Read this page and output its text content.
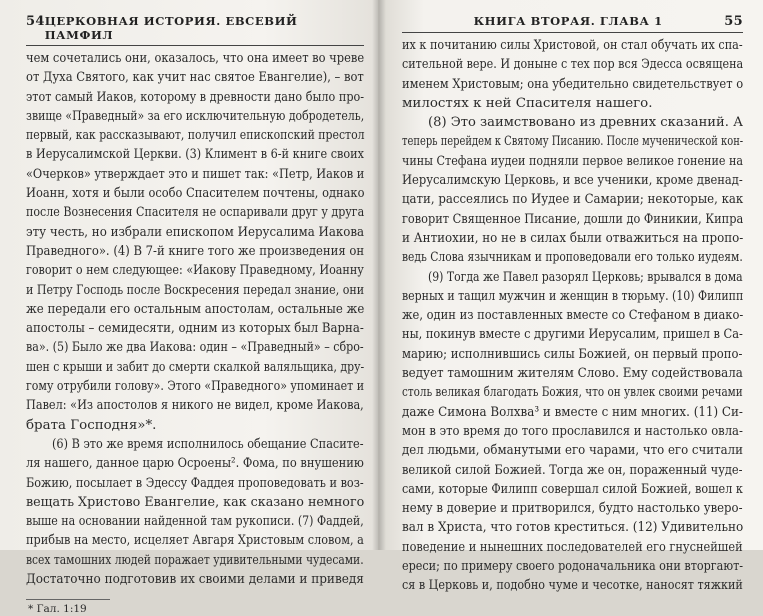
54 ЦЕРКОВНАЯ ИСТОРИЯ. ЕВСЕВИЙ ПАМФИЛ
чем сочетались они, оказалось, что она имеет во чреве
от Духа Святого, как учит нас святое Евангелие), – вот
этот самый Иаков, которому в древности дано было про-
звище «Праведный» за его исключительную добродетель,
первый, как рассказывают, получил епископский престол
в Иерусалимской Церкви. (3) Климент в 6-й книге своих
«Очерков» утверждает это и пишет так: «Петр, Иаков и
Иоанн, хотя и были особо Спасителем почтены, однако
после Вознесения Спасителя не оспаривали друг у друга
эту честь, но избрали епископом Иерусалима Иакова
Праведного». (4) В 7-й книге того же произведения он
говорит о нем следующее: «Иакову Праведному, Иоанну
и Петру Господь после Воскресения передал знание, они
же передали его остальным апостолам, остальные же
апостолы – семидесяти, одним из которых был Варна-
ва». (5) Было же два Иакова: один – «Праведный» – сбро-
шен с крыши и забит до смерти скалкой валяльщика, дру-
гому отрубили голову». Этого «Праведного» упоминает и
Павел: «Из апостолов я никого не видел, кроме Иакова,
брата Господня»*.
(6) В это же время исполнилось обещание Спасите-
ля нашего, данное царю Осроены². Фома, по внушению
Божию, посылает в Эдессу Фаддея проповедовать и воз-
вещать Христово Евангелие, как сказано немного
выше на основании найденной там рукописи. (7) Фаддей,
прибыв на место, исцеляет Авгаря Христовым словом, а
всех тамошних людей поражает удивительными чудесами.
Достаточно подготовив их своими делами и приведя
* Гал. 1:19
КНИГА ВТОРАЯ. ГЛАВА 1	55
их к почитанию силы Христовой, он стал обучать их спа-
сительной вере. И доныне с тех пор вся Эдесса освящена
именем Христовым; она убедительно свидетельствует о
милостях к ней Спасителя нашего.
(8) Это заимствовано из древних сказаний. А
теперь перейдем к Святому Писанию. После мученической кон-
чины Стефана иудеи подняли первое великое гонение на
Иерусалимскую Церковь, и все ученики, кроме двенад-
цати, рассеялись по Иудее и Самарии; некоторые, как
говорит Священное Писание, дошли до Финикии, Кипра
и Антиохии, но не в силах были отважиться на пропо-
ведь Слова язычникам и проповедовали его только иудеям.
(9) Тогда же Павел разорял Церковь; врывался в дома
верных и тащил мужчин и женщин в тюрьму. (10) Филипп
же, один из поставленных вместе со Стефаном в диако-
ны, покинув вместе с другими Иерусалим, пришел в Са-
марию; исполнившись силы Божией, он первый пропо-
ведует тамошним жителям Слово. Ему содействовала
столь великая благодать Божия, что он увлек своими речами
даже Симона Волхва³ и вместе с ним многих. (11) Си-
мон в это время до того прославился и настолько овла-
дел людьми, обманутыми его чарами, что его считали
великой силой Божией. Тогда же он, пораженный чуде-
сами, которые Филипп совершал силой Божией, вошел к
нему в доверие и притворился, будто настолько уверо-
вал в Христа, что готов креститься. (12) Удивительно
поведение и нынешних последователей его гнуснейшей
ереси; по примеру своего родоначальника они вторгают-
ся в Церковь и, подобно чуме и чесотке, наносят тяжкий
